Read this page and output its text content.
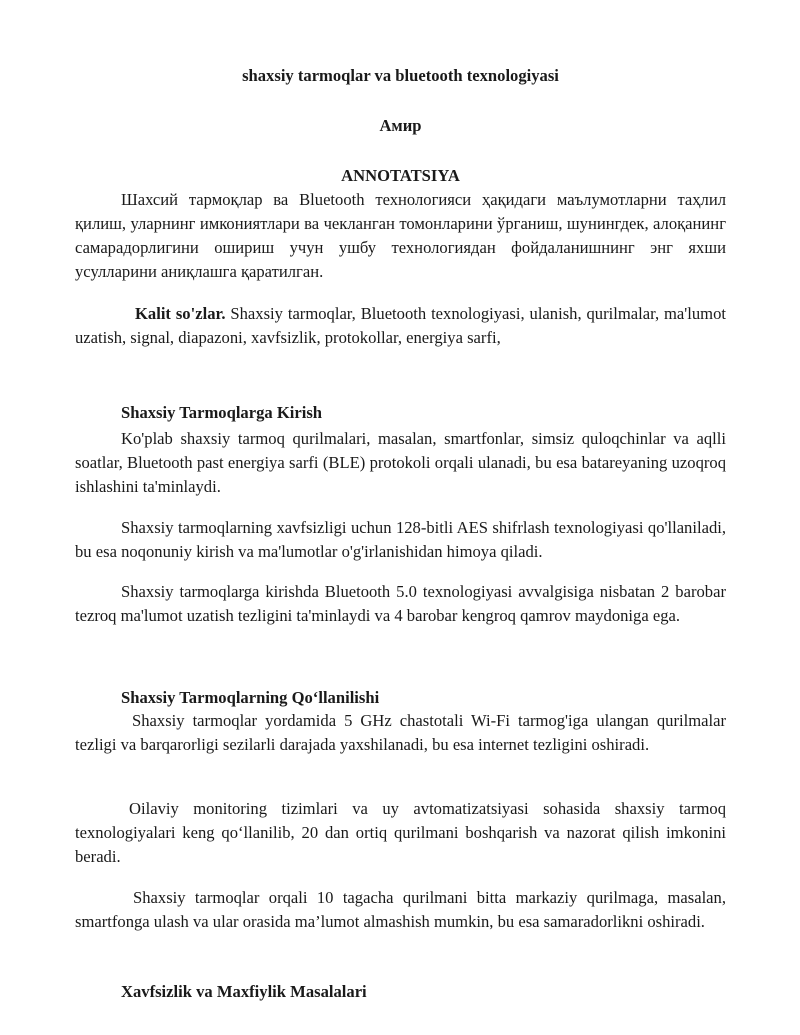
shaxsiy tarmoqlar va bluetooth texnologiyasi
Амир
ANNOTATSIYA

Шахсий тармоқлар ва Bluetooth технологияси ҳақидаги маълумотларни таҳлил қилиш, уларнинг имкониятлари ва чекланган томонларини ўрганиш, шунингдек, алоқанинг самарадорлигини ошириш учун ушбу технологиядан фойдаланишнинг энг яхши усулларини аниқлашга қаратилган.

Kalit so'zlar. Shaxsiy tarmoqlar, Bluetooth texnologiyasi, ulanish, qurilmalar, ma'lumot uzatish, signal, diapazoni, xavfsizlik, protokollar, energiya sarfi,

Shaxsiy Tarmoqlarga Kirish

Ko'plab shaxsiy tarmoq qurilmalari, masalan, smartfonlar, simsiz quloqchinlar va aqlli soatlar, Bluetooth past energiya sarfi (BLE) protokoli orqali ulanadi, bu esa batareyaning uzoqroq ishlashini ta'minlaydi.

Shaxsiy tarmoqlarning xavfsizligi uchun 128-bitli AES shifrlash texnologiyasi qo'llaniladi, bu esa noqonuniy kirish va ma'lumotlar o'g'irlanishidan himoya qiladi.

Shaxsiy tarmoqlarga kirishda Bluetooth 5.0 texnologiyasi avvalgisiga nisbatan 2 barobar tezroq ma'lumot uzatish tezligini ta'minlaydi va 4 barobar kengroq qamrov maydoniga ega.

Shaxsiy Tarmoqlarning Qo‘llanilishi

Shaxsiy tarmoqlar yordamida 5 GHz chastotali Wi-Fi tarmog'iga ulangan qurilmalar tezligi va barqarorligi sezilarli darajada yaxshilanadi, bu esa internet tezligini oshiradi.

Oilaviy monitoring tizimlari va uy avtomatizatsiyasi sohasida shaxsiy tarmoq texnologiyalari keng qo‘llanilib, 20 dan ortiq qurilmani boshqarish va nazorat qilish imkonini beradi.

Shaxsiy tarmoqlar orqali 10 tagacha qurilmani bitta markaziy qurilmaga, masalan, smartfonga ulash va ular orasida ma’lumot almashish mumkin, bu esa samaradorlikni oshiradi.

Xavfsizlik va Maxfiylik Masalalari
